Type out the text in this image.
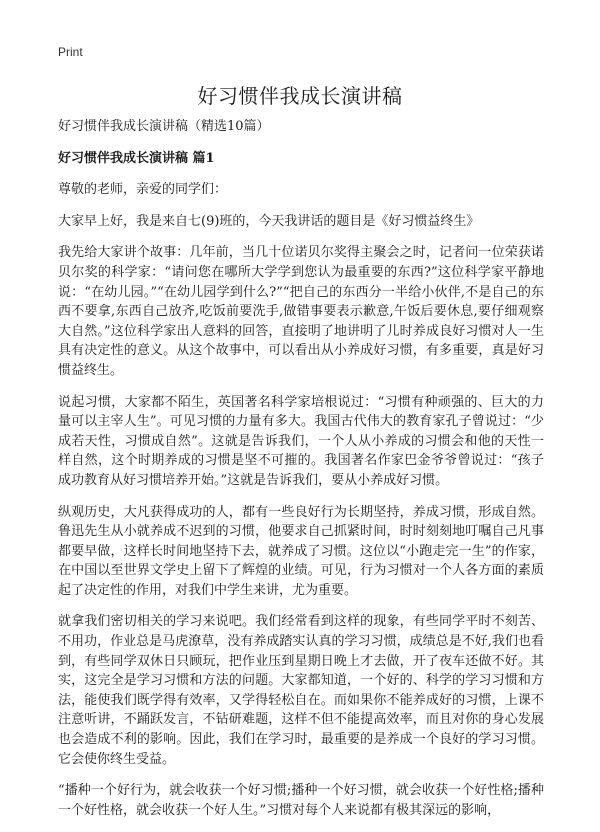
Print
好习惯伴我成长演讲稿

好习惯伴我成长演讲稿（精选10篇）

好习惯伴我成长演讲稿 篇1

尊敬的老师，亲爱的同学们：

大家早上好，我是来自七(9)班的，今天我讲话的题目是《好习惯益终生》

我先给大家讲个故事：几年前，当几十位诺贝尔奖得主聚会之时，记者问一位荣获诺贝尔奖的科学家：“请问您在哪所大学学到您认为最重要的东西?”这位科学家平静地说：“在幼儿园。”“在幼儿园学到什么?”“把自己的东西分一半给小伙伴,不是自己的东西不要拿,东西自己放齐,吃饭前要洗手,做错事要表示歉意,午饭后要休息,要仔细观察大自然。”这位科学家出人意料的回答，直接明了地讲明了儿时养成良好习惯对人一生具有决定性的意义。从这个故事中，可以看出从小养成好习惯，有多重要，真是好习惯益终生。

说起习惯，大家都不陌生，英国著名科学家培根说过：“习惯有种顽强的、巨大的力量可以主宰人生”。可见习惯的力量有多大。我国古代伟大的教育家孔子曾说过：“少成若天性，习惯成自然”。这就是告诉我们，一个人从小养成的习惯会和他的天性一样自然，这个时期养成的习惯是坚不可摧的。我国著名作家巴金爷爷曾说过：“孩子成功教育从好习惯培养开始。”这就是告诉我们，要从小养成好习惯。

纵观历史，大凡获得成功的人，都有一些良好行为长期坚持，养成习惯，形成自然。鲁迅先生从小就养成不迟到的习惯，他要求自己抓紧时间，时时刻刻地叮嘱自己凡事都要早做，这样长时间地坚持下去，就养成了习惯。这位以“小跑走完一生”的作家，在中国以至世界文学史上留下了辉煌的业绩。可见，行为习惯对一个人各方面的素质起了决定性的作用，对我们中学生来讲，尤为重要。

就拿我们密切相关的学习来说吧。我们经常看到这样的现象，有些同学平时不刻苦、不用功，作业总是马虎潦草，没有养成踏实认真的学习习惯，成绩总是不好,我们也看到，有些同学双休日只顾玩，把作业压到星期日晚上才去做，开了夜车还做不好。其实，这完全是学习习惯和方法的问题。大家都知道，一个好的、科学的学习习惯和方法，能使我们既学得有效率，又学得轻松自在。而如果你不能养成好的习惯，上课不注意听讲，不踊跃发言，不钻研难题，这样不但不能提高效率，而且对你的身心发展也会造成不利的影响。因此，我们在学习时，最重要的是养成一个良好的学习习惯。它会使你终生受益。

“播种一个好行为，就会收获一个好习惯;播种一个好习惯，就会收获一个好性格;播种一个好性格，就会收获一个好人生。”习惯对每个人来说都有极其深远的影响，
